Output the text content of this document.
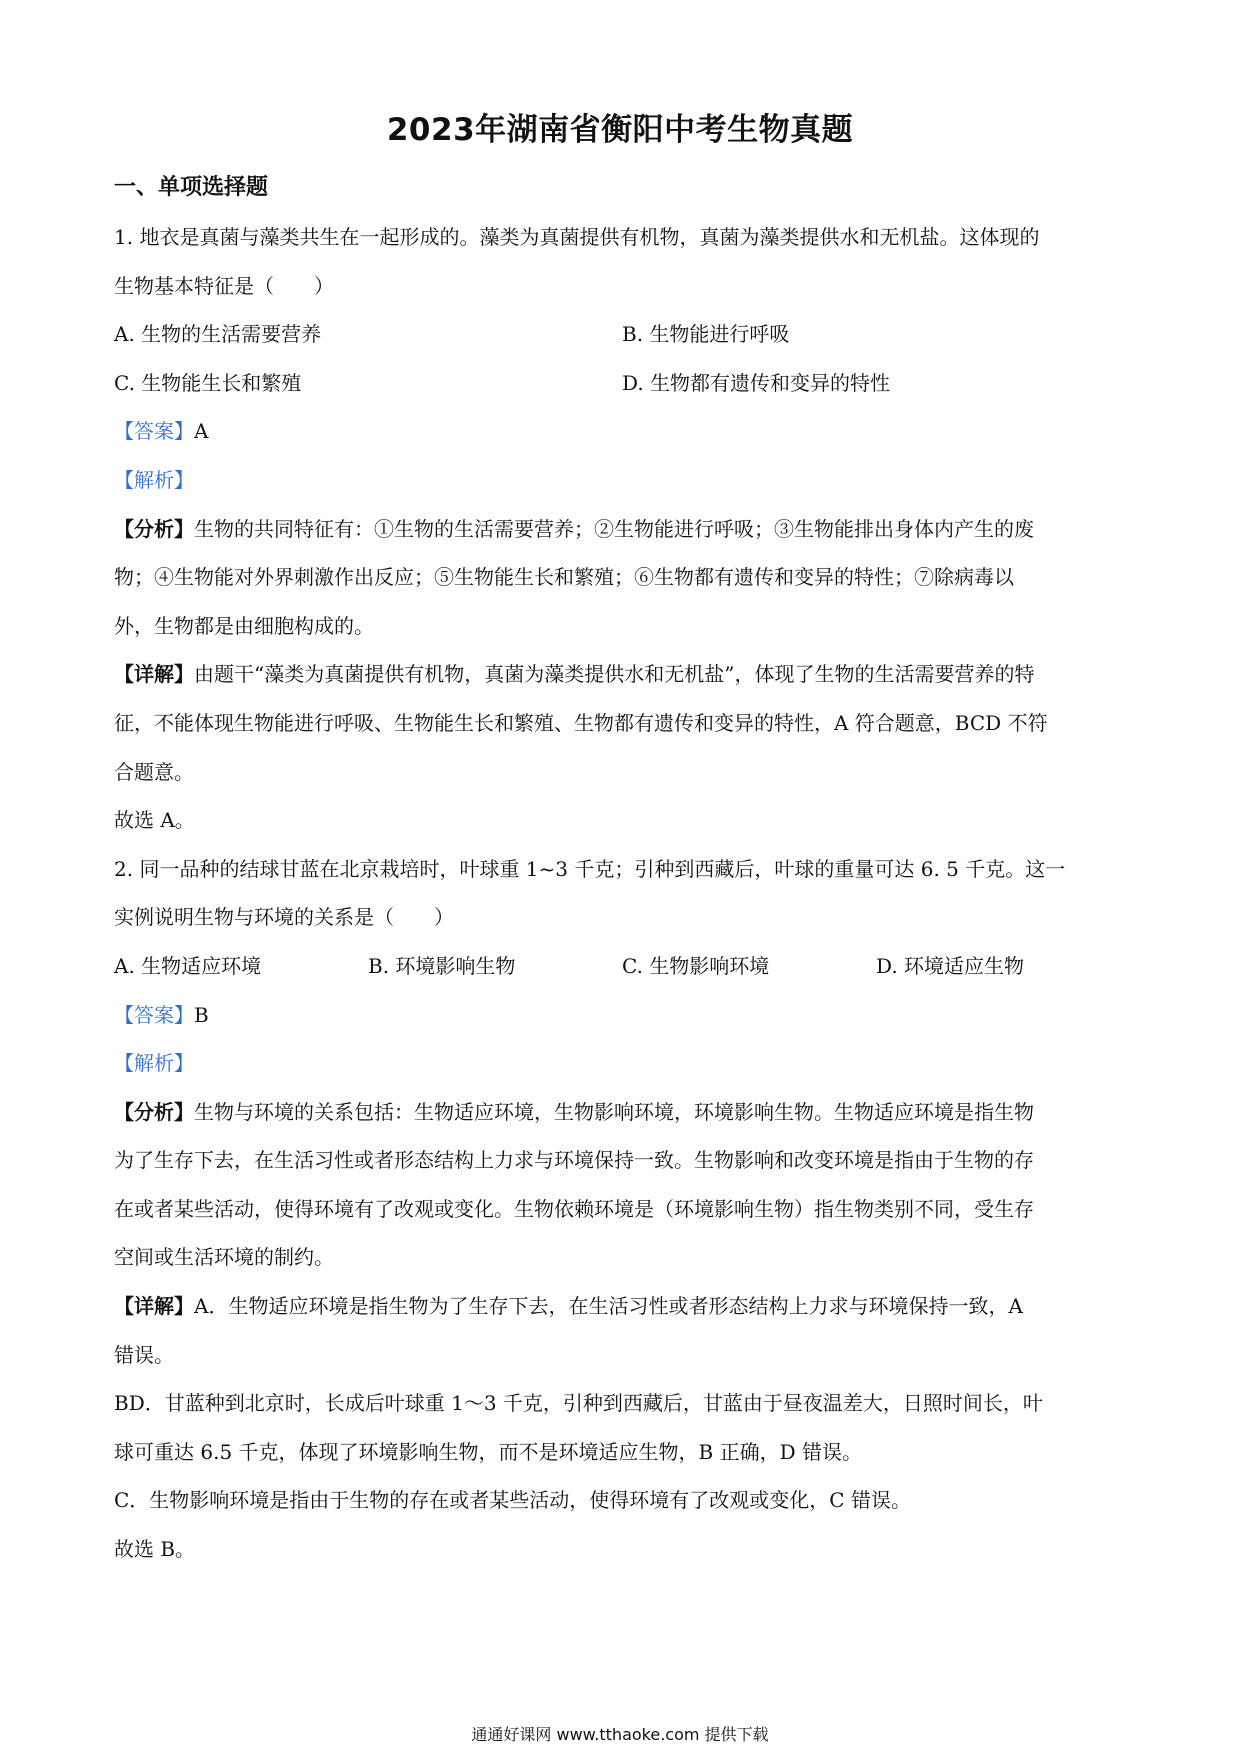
2023年湖南省衡阳中考生物真题
一、单项选择题

1. 地衣是真菌与藻类共生在一起形成的。藻类为真菌提供有机物，真菌为藻类提供水和无机盐。这体现的

生物基本特征是（　　）

A. 生物的生活需要营养	B. 生物能进行呼吸
C. 生物能生长和繁殖	D. 生物都有遗传和变异的特性

【答案】A

【解析】

【分析】生物的共同特征有：①生物的生活需要营养；②生物能进行呼吸；③生物能排出身体内产生的废

物；④生物能对外界刺激作出反应；⑤生物能生长和繁殖；⑥生物都有遗传和变异的特性；⑦除病毒以

外，生物都是由细胞构成的。

【详解】由题干“藻类为真菌提供有机物，真菌为藻类提供水和无机盐”，体现了生物的生活需要营养的特

征，不能体现生物能进行呼吸、生物能生长和繁殖、生物都有遗传和变异的特性，A 符合题意，BCD 不符

合题意。

故选 A。

2. 同一品种的结球甘蓝在北京栽培时，叶球重 1~3 千克；引种到西藏后，叶球的重量可达 6. 5 千克。这一

实例说明生物与环境的关系是（　　）

A. 生物适应环境	B. 环境影响生物	C. 生物影响环境	D. 环境适应生物

【答案】B

【解析】

【分析】生物与环境的关系包括：生物适应环境，生物影响环境，环境影响生物。生物适应环境是指生物

为了生存下去，在生活习性或者形态结构上力求与环境保持一致。生物影响和改变环境是指由于生物的存

在或者某些活动，使得环境有了改观或变化。生物依赖环境是（环境影响生物）指生物类别不同，受生存

空间或生活环境的制约。

【详解】A．生物适应环境是指生物为了生存下去，在生活习性或者形态结构上力求与环境保持一致，A

错误。

BD．甘蓝种到北京时，长成后叶球重 1～3 千克，引种到西藏后，甘蓝由于昼夜温差大，日照时间长，叶

球可重达 6.5 千克，体现了环境影响生物，而不是环境适应生物，B 正确，D 错误。

C．生物影响环境是指由于生物的存在或者某些活动，使得环境有了改观或变化，C 错误。

故选 B。

通通好课网 www.tthaoke.com 提供下载
